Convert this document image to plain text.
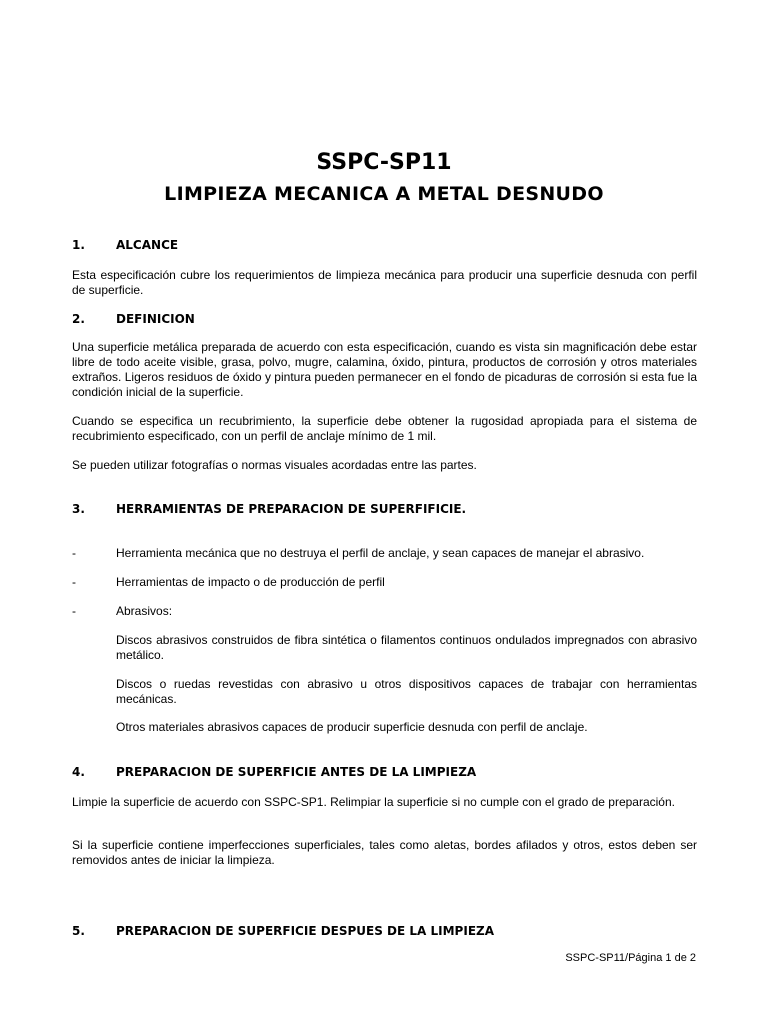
SSPC-SP11
LIMPIEZA MECANICA A METAL DESNUDO
1.	ALCANCE

Esta especificación cubre los requerimientos de limpieza mecánica para producir una superficie desnuda con perfil de superficie.

2.	DEFINICION

Una superficie metálica preparada de acuerdo con esta especificación, cuando es vista sin magnificación debe estar libre de todo aceite visible, grasa, polvo, mugre, calamina, óxido, pintura, productos de corrosión y otros materiales extraños. Ligeros residuos de óxido y pintura pueden permanecer en el fondo de picaduras de corrosión si esta fue la condición inicial de la superficie.

Cuando se especifica un recubrimiento, la superficie debe obtener la rugosidad apropiada para el sistema de recubrimiento especificado, con un perfil de anclaje mínimo de 1 mil.

Se pueden utilizar fotografías o normas visuales acordadas entre las partes.

3.	HERRAMIENTAS DE PREPARACION DE SUPERFIFICIE.
-	Herramienta mecánica que no destruya el perfil de anclaje, y sean capaces de manejar el abrasivo.
-	Herramientas de impacto o de producción de perfil
-	Abrasivos:

Discos abrasivos construidos de fibra sintética o filamentos continuos ondulados impregnados con abrasivo metálico.

Discos o ruedas revestidas con abrasivo u otros dispositivos capaces de trabajar con herramientas mecánicas.

Otros materiales abrasivos capaces de producir superficie desnuda con perfil de anclaje.

4.	PREPARACION DE SUPERFICIE ANTES DE LA LIMPIEZA

Limpie la superficie de acuerdo con SSPC-SP1. Relimpiar la superficie si no cumple con el grado de preparación.

Si la superficie contiene imperfecciones superficiales, tales como aletas, bordes afilados y otros, estos deben ser removidos antes de iniciar la limpieza.

5.	PREPARACION DE SUPERFICIE DESPUES DE LA LIMPIEZA
SSPC-SP11/Página 1 de 2
